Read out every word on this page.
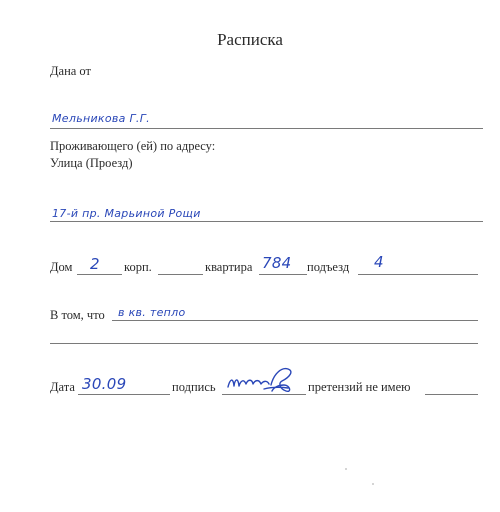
Расписка
Дана от
Мельникова Г.Г.
Проживающего (ей) по адресу:
Улица (Проезд)
17-й пр. Марьиной Рощи
Дом 2 корп.	квартира 784 подъезд 4
В том, что в кв. тепло
Дата 30.09	подпись	претензий не имею
